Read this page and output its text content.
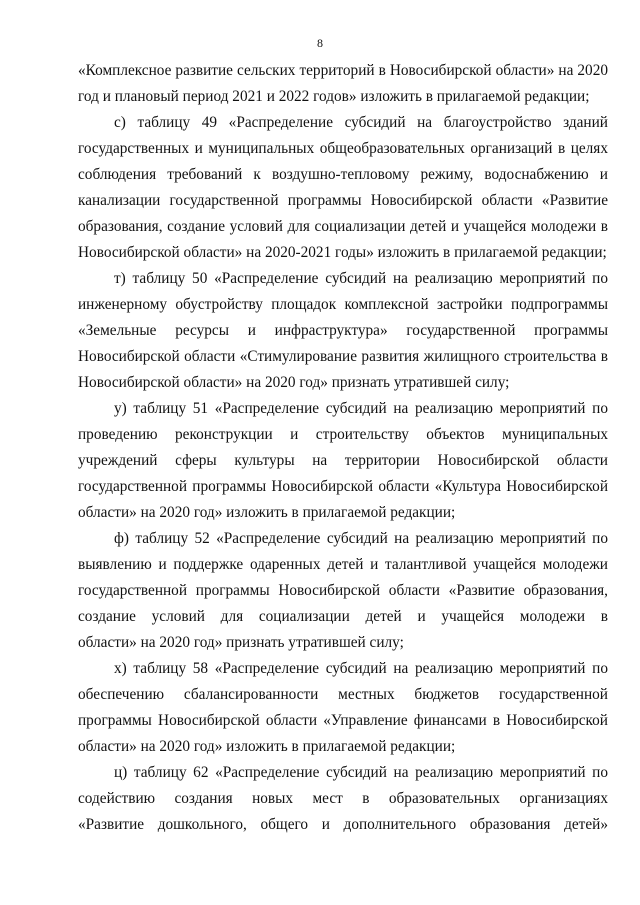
8
«Комплексное развитие сельских территорий в Новосибирской области» на 2020
год и плановый период 2021 и 2022 годов» изложить в прилагаемой редакции;
с) таблицу 49 «Распределение субсидий на благоустройство зданий
государственных и муниципальных общеобразовательных организаций в целях
соблюдения требований к воздушно-тепловому режиму, водоснабжению и
канализации государственной программы Новосибирской области «Развитие
образования, создание условий для социализации детей и учащейся молодежи в
Новосибирской области» на 2020-2021 годы» изложить в прилагаемой редакции;
т) таблицу 50 «Распределение субсидий на реализацию мероприятий по
инженерному обустройству площадок комплексной застройки подпрограммы
«Земельные ресурсы и инфраструктура» государственной программы
Новосибирской области «Стимулирование развития жилищного строительства в
Новосибирской области» на 2020 год» признать утратившей силу;
у) таблицу 51 «Распределение субсидий на реализацию мероприятий по
проведению реконструкции и строительству объектов муниципальных
учреждений сферы культуры на территории Новосибирской области
государственной программы Новосибирской области «Культура Новосибирской
области» на 2020 год» изложить в прилагаемой редакции;
ф) таблицу 52 «Распределение субсидий на реализацию мероприятий по
выявлению и поддержке одаренных детей и талантливой учащейся молодежи
государственной программы Новосибирской области «Развитие образования,
создание условий для социализации детей и учащейся молодежи в
области» на 2020 год» признать утратившей силу;
х) таблицу 58 «Распределение субсидий на реализацию мероприятий по
обеспечению сбалансированности местных бюджетов государственной
программы Новосибирской области «Управление финансами в Новосибирской
области» на 2020 год» изложить в прилагаемой редакции;
ц) таблицу 62 «Распределение субсидий на реализацию мероприятий по
содействию создания новых мест в образовательных организациях
«Развитие дошкольного, общего и дополнительного образования детей»
